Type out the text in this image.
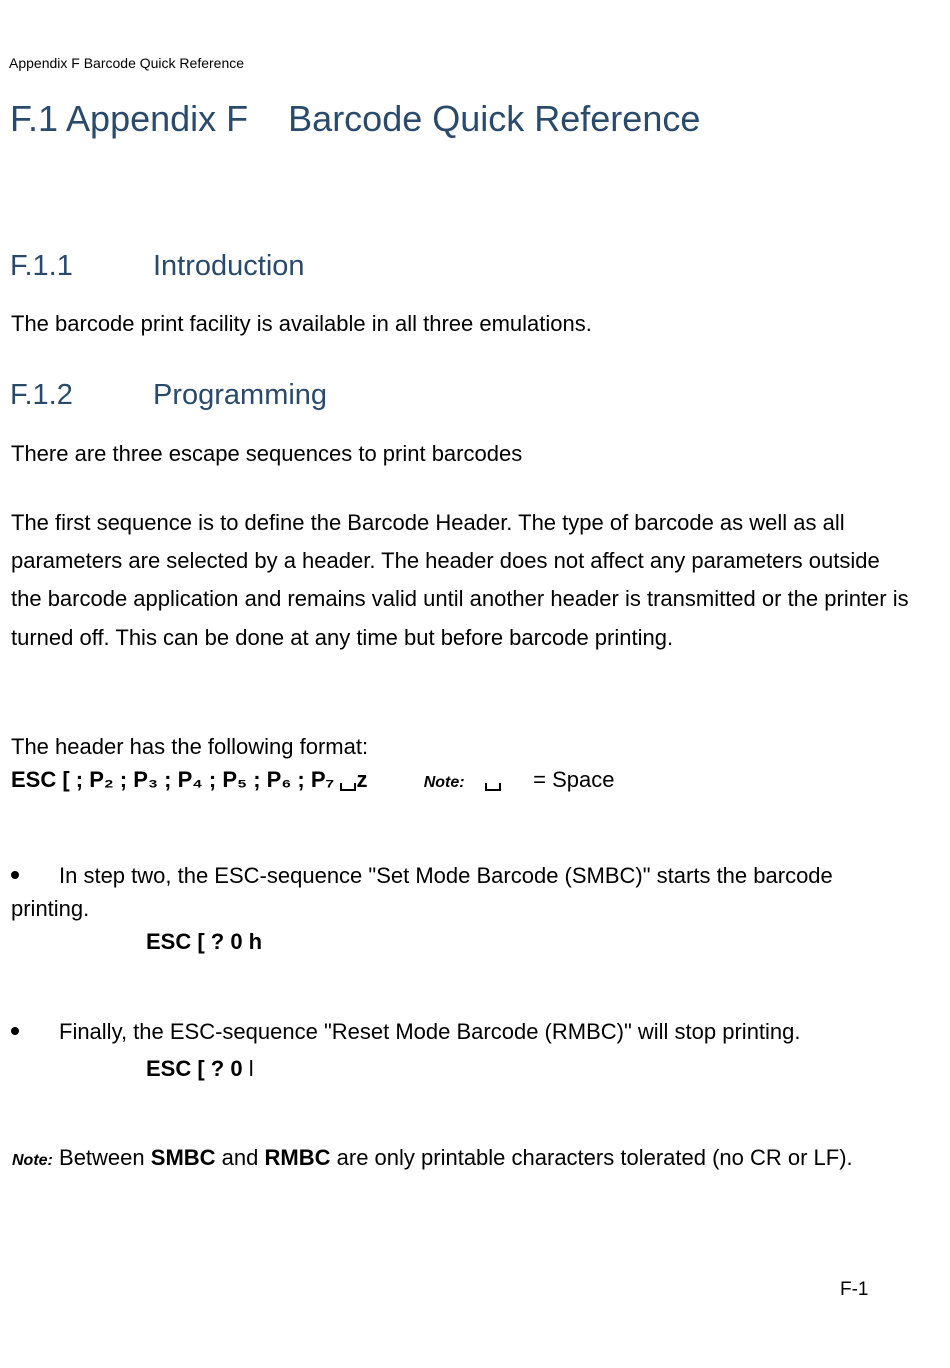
Appendix F Barcode Quick Reference
F.1 Appendix F Barcode Quick Reference
F.1.1	Introduction
The barcode print facility is available in all three emulations.
F.1.2	Programming
There are three escape sequences to print barcodes
The first sequence is to define the Barcode Header. The type of barcode as well as all parameters are selected by a header. The header does not affect any parameters outside the barcode application and remains valid until another header is transmitted or the printer is turned off. This can be done at any time but before barcode printing.
The header has the following format:
ESC [ ; P₂ ; P₃ ; P₄ ; P₅ ; P₆ ; P₇ z	Note:	= Space
In step two, the ESC-sequence "Set Mode Barcode (SMBC)" starts the barcode
printing.
ESC [ ? 0 h
Finally, the ESC-sequence "Reset Mode Barcode (RMBC)" will stop printing.
ESC [ ? 0 l
Note: Between SMBC and RMBC are only printable characters tolerated (no CR or LF).
F-1
